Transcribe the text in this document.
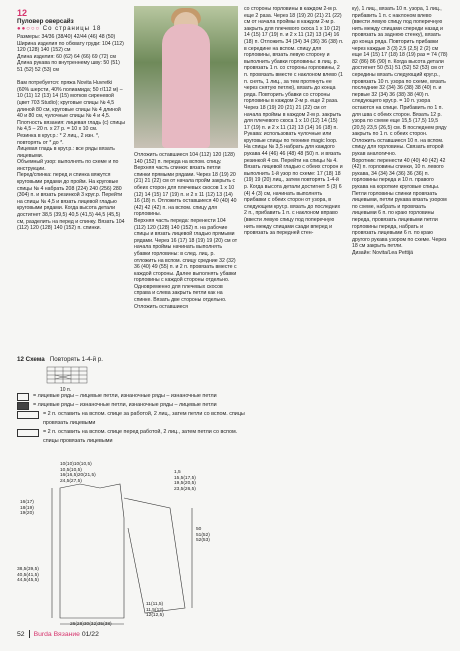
12
Пуловер оверсайз
●●○○○ Со страницы 18
Размеры: 34/36 (38/40) 42/44 (46) 48 (50)
Ширина изделия по обхвату груди: 104 (112) 120 (128) 140 (152) см
Длина изделия: 60 (62) 64 (66) 69 (72) см
Длина рукава по внутреннему шву: 50 (51) 51 (52) 52 (53) см

Вам потребуется: пряжа Novita Huvretki (60% шерсти, 40% полиамида; 50 г/112 м) – 10 (11) 12 (13) 14 (15) мотков сиреневой (цвет 703 Studio); круговые спицы № 4,5 длиной 80 см, круговые спицы № 4 длиной 40 и 80 см, чулочные спицы № 4 и 4,5.
Плотность вязания: лицевая гладь (с) спицы № 4,5 – 20 п. х 27 р. = 10 х 10 см.
Резинка в круг.р.: * 2 лиц., 2 изн. *, повторять от * до *.
Лицевая гладь в круг.р.: все ряды вязать лицевыми.
Объемный узор: выполнять по схеме и по инструкции.
Перед/спинка: перед и спинка вяжутся круговыми рядами до пройм. На круговые спицы № 4 набрать 208 (224) 240 (256) 280 (304) п. и вязать резинкой 3 круг.р. Перейти на спицы № 4,5 и вязать лицевой гладью круговыми рядами. Когда высота детали достигнет 38,5 (39,5) 40,5 (41,5) 44,5 (45,5) см, разделить на перед и спинку. Вязать 104 (112) 120 (128) 140 (152) п. спинки.
Отложить оставшиеся 104 (112) 120 (128) 140 (152) п. переда на вспом. спицу.
Верхняя часть спинки: вязать петли спинки прямыми рядами. Через 18 (19) 20 (21) 21 (22) см от начала пройм закрыть с обеих сторон для плечевых скосов 1 х 10 (12) 14 (15) 17 (19) п. и 2 х 11 (12) 13 (14) 16 (18) п. Отложить оставшиеся 40 (40) 40 (42) 42 (42) п. на вспом. спицу для горловины.
Верхняя часть переда: перенести 104 (112) 120 (128) 140 (152) п. на рабочие спицы и вязать лицевой гладью прямыми рядами. Через 16 (17) 18 (19) 19 (20) см от начала проймы начинать выполнять убавки горловины: в след. лиц. р. отложить на вспом. спицу средние 32 (32) 36 (40) 49 (55) п. и 2 п. провязать вместе с каждой стороны. Далее выполнять убавки горловины с каждой стороны отдельно. Одновременно для плечевых скосов справа и слева закрыть петли как на спинке. Вязать две стороны отдельно. Отложить оставшиеся
со стороны горловины в каждом 2-м р. еще 2 раза. Через 18 (19) 20 (21) 21 (22) см от начала проймы в каждом 2-м р. закрыть для плечевого скоса 1 х 10 (12) 14 (15) 17 (19) п. и 2 х 11 (12) 13 (14) 16 (18) п. Отложить 34 (34) 34 (36) 36 (38) п. в середине на вспом. спицу для горловины, вязать левую сторону и выполнить убавки горловины: в лиц. р. провязать 1 п. со стороны горловины, 2 п. провязать вместе с наклоном влево (1 п. снять, 1 лиц., за тем протянуть ее через снятую петлю), вязать до конца ряда. Повторить убавки со стороны горловины в каждом 2-м р. еще 2 раза. Через 18 (19) 20 (21) 21 (22) см от начала проймы в каждом 2-м р. закрыть для плечевого скоса 1 х 10 (12) 14 (15) 17 (19) п. и 2 х 11 (12) 13 (14) 16 (18) п.
Рукава: использовать чулочные или круговые спицы по технике magic loop.
На спицы № 3,5 набрать для каждого рукава 44 (46) 46 (48) 48 (50) п. и вязать резинкой 4 см. Перейти на спицы № 4. Вязать лицевой гладью с обеих сторон и выполнить 1-й узор по схеме: 17 (18) 18 (19) 19 (20) лиц., затем повторять 1-4-й р. Когда высота детали достигнет 5 (3) 6 (4) 4 (3) см, начинать выполнять прибавки с обеих сторон от узора, в следующем круг.р. вязать до последних 2 п., прибавить 1 п. с наклоном вправо (ввести левую спицу под поперечную нить между спицами сзади вперед и провязать за передней стен-
ку), 1 лиц., вязать 10 п. узора, 1 лиц., прибавить 1 п. с наклоном влево (ввести левую спицу под поперечную нить между спицами спереди назад и провязать за заднюю стенку), вязать до конца ряда. Повторить прибавки через каждые 3 (3) 2,5 (2,5) 2 (2) см еще 14 (15) 17 (18) 18 (19) раз = 74 (78) 82 (86) 86 (90) п. Когда высота детали достигнет 50 (51) 51 (52) 52 (53) см от середины вязать следующий круг.р., провязать 10 п. узора по схеме, вязать последние 32 (34) 36 (38) 38 (40) п. и первые 32 (34) 36 (38) 38 (40) п. следующего круг.р. = 10 п. узора остаются на спице. Прибавить по 1 п. для шва с обеих сторон. Вязать 12 р. узора по схеме еще 15,5 (17,5) 19,5 (20,5) 23,5 (26,5) см. В последнем ряду закрыть по 1 п. с обеих сторон. Отложить оставшиеся 10 п. на вспом. спицу для горловины. Связать второй рукав аналогично.
Воротник: перенести 40 (40) 40 (42) 42 (42) п. горловины спинки, 10 п. левого рукава, 34 (34) 34 (36) 36 (36) п. горловины переда и 10 п. правого рукава на короткие круговые спицы. Петли горловины спинки провязать лицевыми, петли рукава вязать узором по схеме, набрать и провязать лицевыми 6 п. по краю горловины переда, провязать лицевыми петли горловины переда, набрать и провязать лицевыми 6 п. по краю другого рукава узором по схеме. Через 18 см закрыть петли.
Дизайн: Novita/Lea Pettijä
12 Схема Повторять 1-4-й р.
10 п.
= лицевые ряды – лицевые петли, изнаночные ряды – изнаночные петли
= лицевые ряды – изнаночные петли, изнаночные ряды – лицевые петли
= 2 п. оставить на вспом. спице за работой, 2 лиц., затем петли со вспом. спицы провязать лицевыми
= 2 п. оставить на вспом. спице перед работой, 2 лиц., затем петли со вспом. спицы провязать лицевыми
10(10)10(10,5)
10,5(10,5)
16(16,5)20(21,5)
24,5(27,5)
16(17)
18(19)
19(20)
38,5(39,5)
40,5(41,5)
44,5(45,5)
26(28)30(32)35(38)
1,5
15,5(17,5)
19,5(20,5)
23,5(26,5)
50
51(52)
52(53)
11(11,5)
11,5(12)
12(12,5)
52 Burda Вязание 01/22
